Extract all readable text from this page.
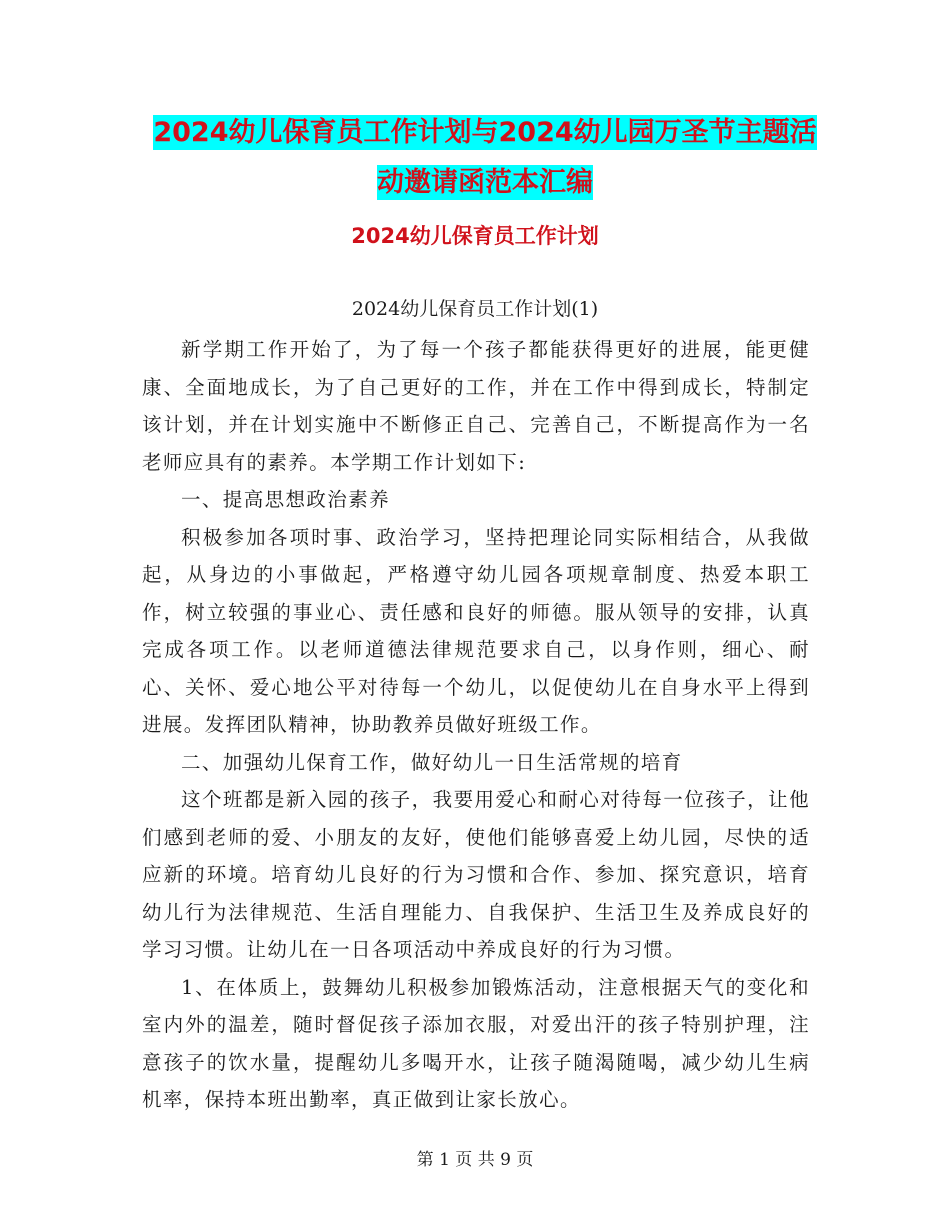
2024幼儿保育员工作计划与2024幼儿园万圣节主题活
动邀请函范本汇编
2024幼儿保育员工作计划
2024幼儿保育员工作计划(1)

新学期工作开始了，为了每一个孩子都能获得更好的进展，能更健康、全面地成长，为了自己更好的工作，并在工作中得到成长，特制定该计划，并在计划实施中不断修正自己、完善自己，不断提高作为一名老师应具有的素养。本学期工作计划如下:

一、提高思想政治素养

积极参加各项时事、政治学习，坚持把理论同实际相结合，从我做起，从身边的小事做起，严格遵守幼儿园各项规章制度、热爱本职工作，树立较强的事业心、责任感和良好的师德。服从领导的安排，认真完成各项工作。以老师道德法律规范要求自己，以身作则，细心、耐心、关怀、爱心地公平对待每一个幼儿，以促使幼儿在自身水平上得到进展。发挥团队精神，协助教养员做好班级工作。

二、加强幼儿保育工作，做好幼儿一日生活常规的培育

这个班都是新入园的孩子，我要用爱心和耐心对待每一位孩子，让他们感到老师的爱、小朋友的友好，使他们能够喜爱上幼儿园，尽快的适应新的环境。培育幼儿良好的行为习惯和合作、参加、探究意识，培育幼儿行为法律规范、生活自理能力、自我保护、生活卫生及养成良好的学习习惯。让幼儿在一日各项活动中养成良好的行为习惯。

1、在体质上，鼓舞幼儿积极参加锻炼活动，注意根据天气的变化和室内外的温差，随时督促孩子添加衣服，对爱出汗的孩子特别护理，注意孩子的饮水量，提醒幼儿多喝开水，让孩子随渴随喝，减少幼儿生病机率，保持本班出勤率，真正做到让家长放心。

第 1 页 共 9 页
